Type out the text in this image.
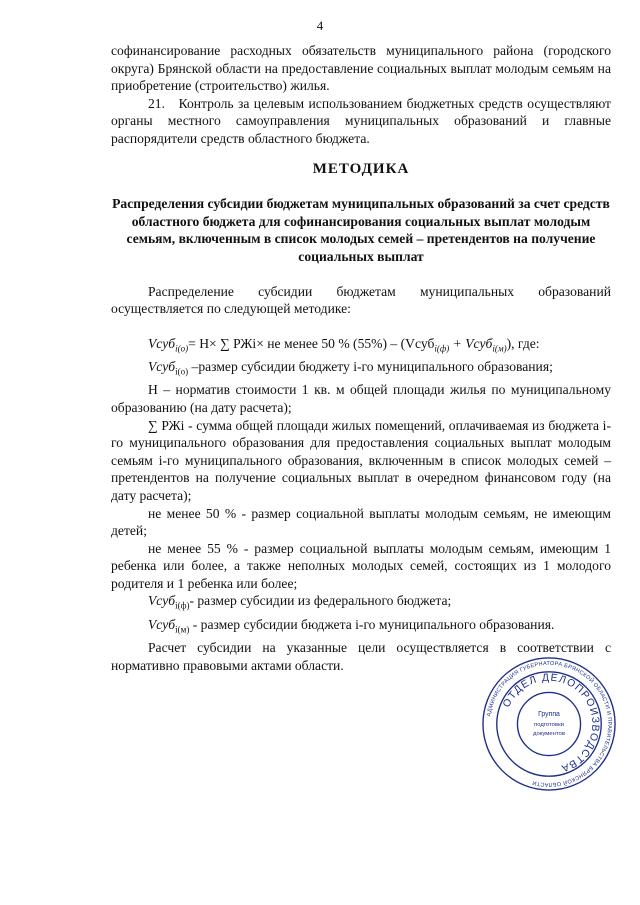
4

софинансирование расходных обязательств муниципального района (городского округа) Брянской области на предоставление социальных выплат молодым семьям на приобретение (строительство) жилья.

21. Контроль за целевым использованием бюджетных средств осуществляют органы местного самоуправления муниципальных образований и главные распорядители средств областного бюджета.

МЕТОДИКА
Распределения субсидии бюджетам муниципальных образований за счет средств областного бюджета для софинансирования социальных выплат молодым семьям, включенным в список молодых семей – претендентов на получение социальных выплат

Распределение субсидии бюджетам муниципальных образований осуществляется по следующей методике:

Vсуб$_{i(o)}$= Н× ∑ РЖi× не менее 50 % (55%) – (Vсуб$_{i(ф)}$ + Vсуб$_{i(м)}$), где:

Vсуб$_{i(o)}$ –размер субсидии бюджету i-го муниципального образования;

Н – норматив стоимости 1 кв. м общей площади жилья по муниципальному образованию (на дату расчета);

∑ РЖi - сумма общей площади жилых помещений, оплачиваемая из бюджета i-го муниципального образования для предоставления социальных выплат молодым семьям i-го муниципального образования, включенным в список молодых семей – претендентов на получение социальных выплат в очередном финансовом году (на дату расчета);

не менее 50 % - размер социальной выплаты молодым семьям, не имеющим детей;

не менее 55 % - размер социальной выплаты молодым семьям, имеющим 1 ребенка или более, а также неполных молодых семей, состоящих из 1 молодого родителя и 1 ребенка или более;

Vсуб$_{i(ф)}$- размер субсидии из федерального бюджета;

Vсуб$_{i(м)}$ - размер субсидии бюджета i-го муниципального образования.

Расчет субсидии на указанные цели осуществляется в соответствии с нормативно правовыми актами области.

АДМИНИСТРАЦИЯ ГУБЕРНАТОРА БРЯНСКОЙ ОБЛАСТИ И ПРАВИТЕЛЬСТВА БРЯНСКОЙ ОБЛАСТИ
ОТДЕЛ ДЕЛОПРОИЗВОДСТВА
Группа
подготовки
документов
